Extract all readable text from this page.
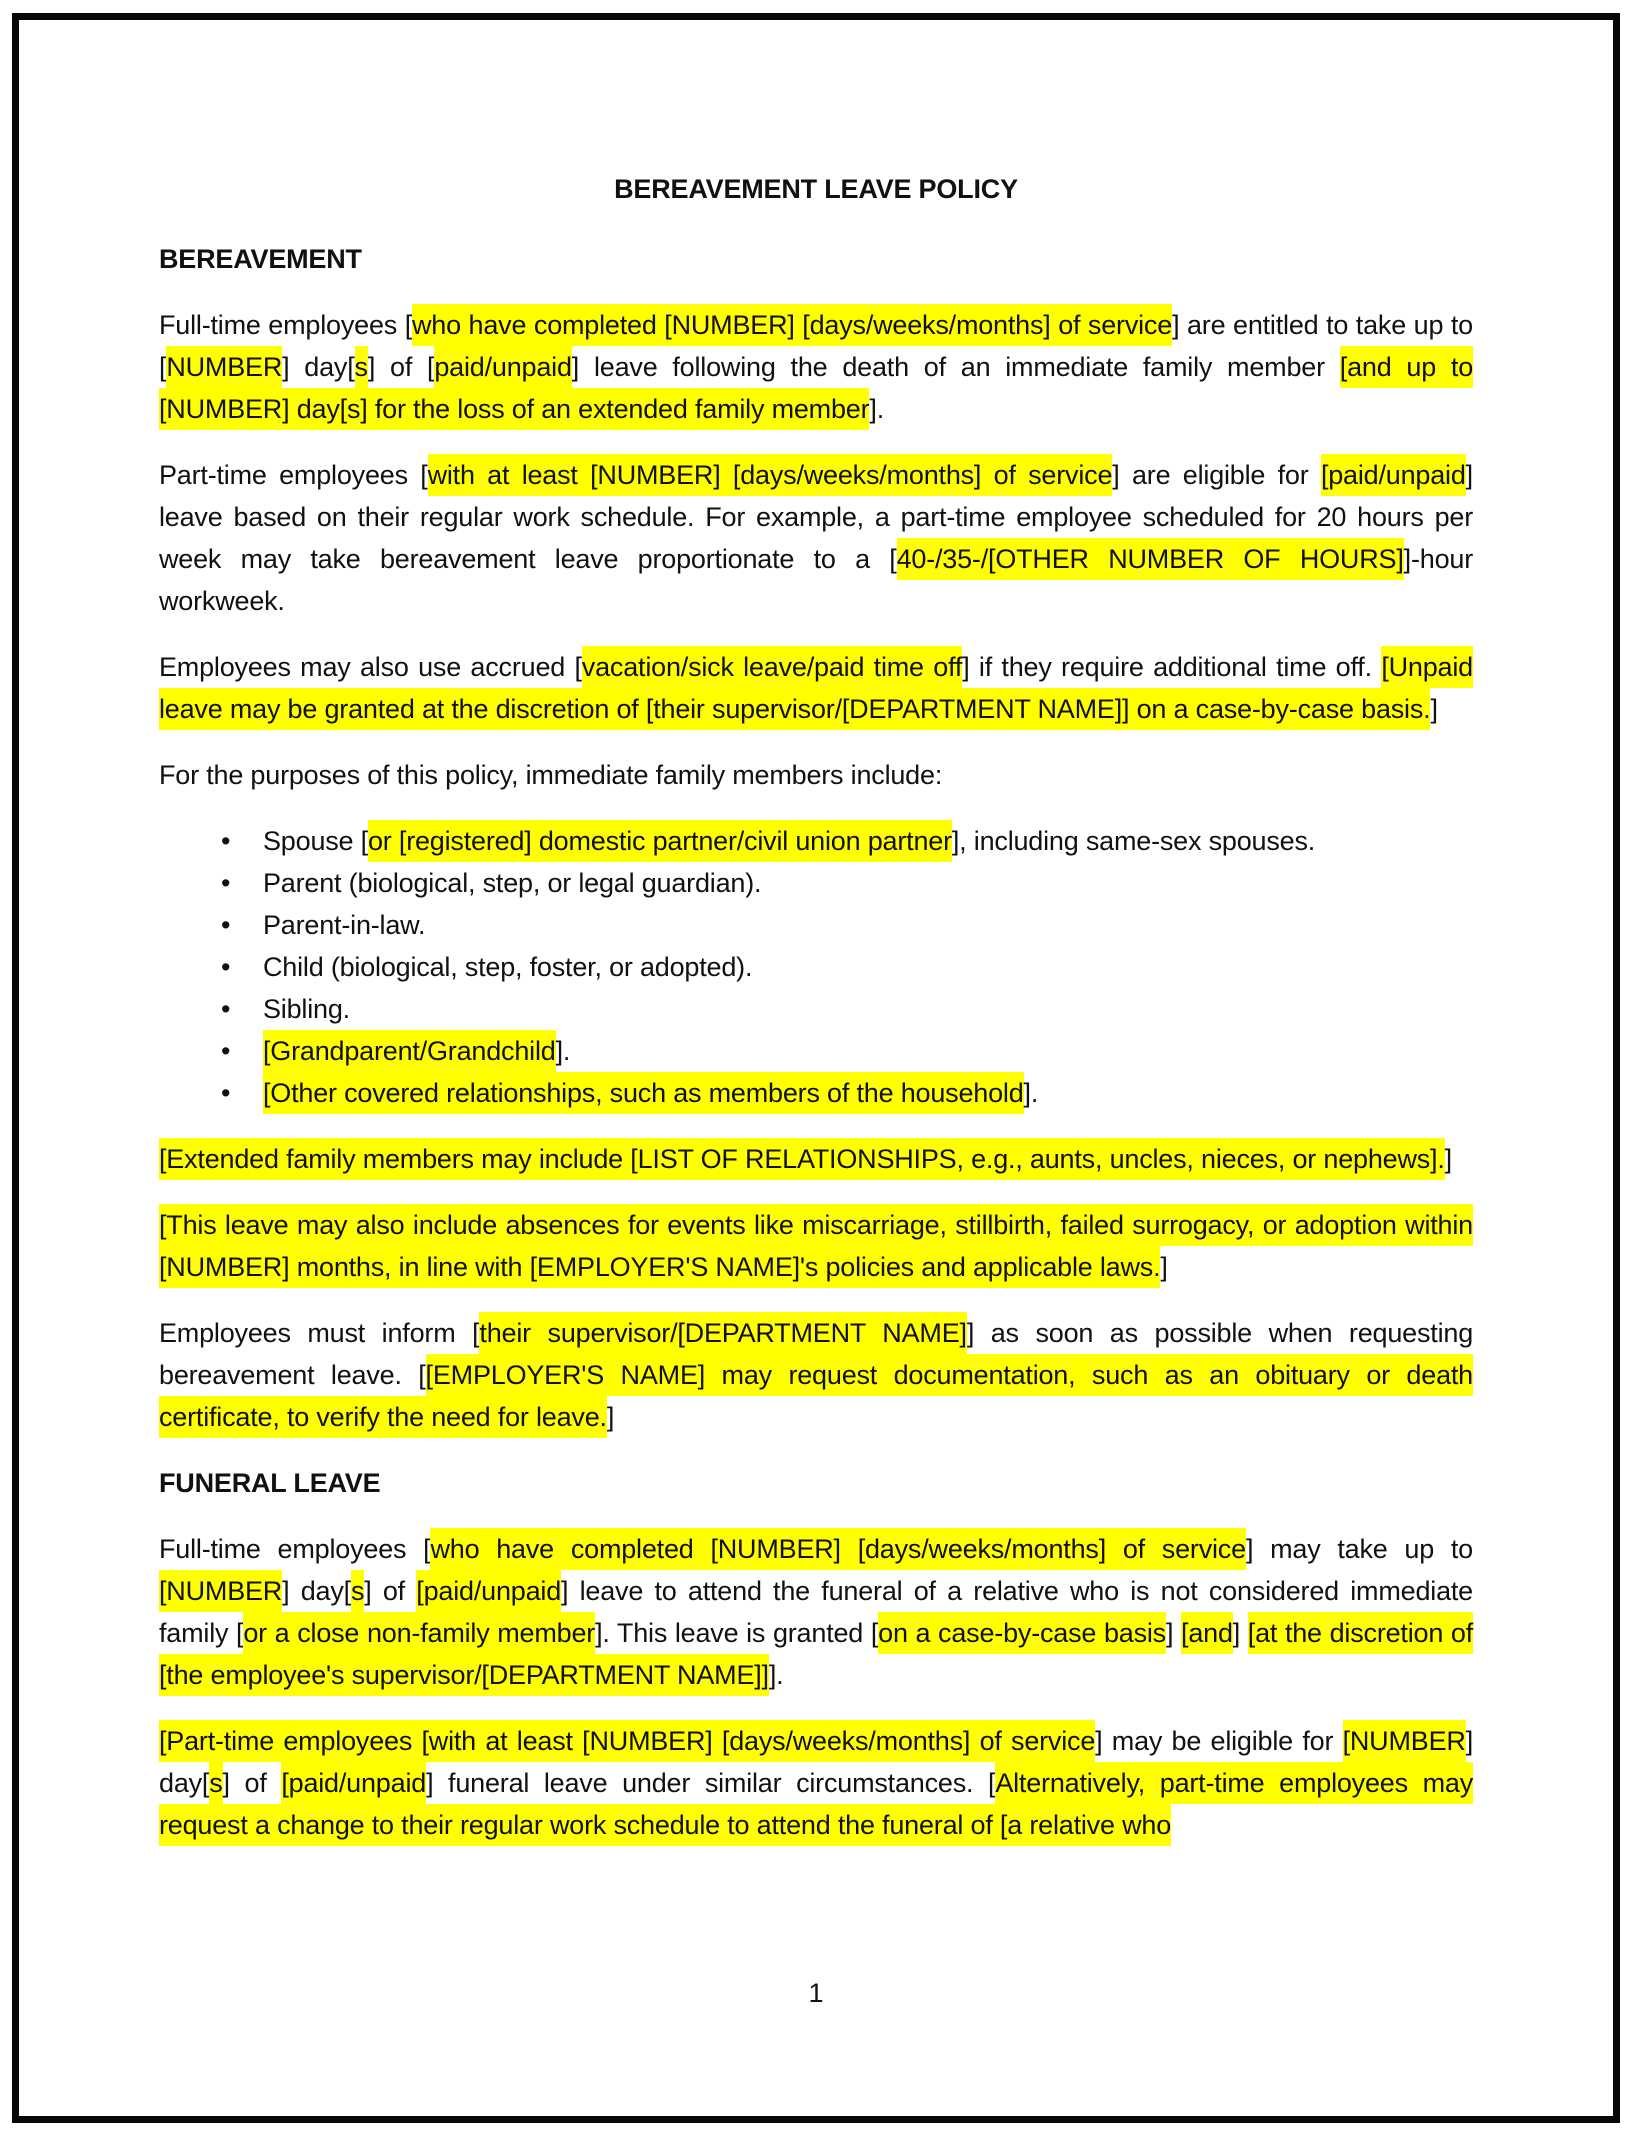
BEREAVEMENT LEAVE POLICY
BEREAVEMENT

Full-time employees [who have completed [NUMBER] [days/weeks/months] of service] are entitled to take up to [NUMBER] day[s] of [paid/unpaid] leave following the death of an immediate family member [and up to [NUMBER] day[s] for the loss of an extended family member].

Part-time employees [with at least [NUMBER] [days/weeks/months] of service] are eligible for [paid/unpaid] leave based on their regular work schedule. For example, a part-time employee scheduled for 20 hours per week may take bereavement leave proportionate to a [40-/35-/[OTHER NUMBER OF HOURS]]-hour workweek.

Employees may also use accrued [vacation/sick leave/paid time off] if they require additional time off. [Unpaid leave may be granted at the discretion of [their supervisor/[DEPARTMENT NAME]] on a case-by-case basis.]

For the purposes of this policy, immediate family members include:

• Spouse [or [registered] domestic partner/civil union partner], including same-sex spouses.
• Parent (biological, step, or legal guardian).
• Parent-in-law.
• Child (biological, step, foster, or adopted).
• Sibling.
• [Grandparent/Grandchild].
• [Other covered relationships, such as members of the household].

[Extended family members may include [LIST OF RELATIONSHIPS, e.g., aunts, uncles, nieces, or nephews].]

[This leave may also include absences for events like miscarriage, stillbirth, failed surrogacy, or adoption within [NUMBER] months, in line with [EMPLOYER'S NAME]'s policies and applicable laws.]

Employees must inform [their supervisor/[DEPARTMENT NAME]] as soon as possible when requesting bereavement leave. [[EMPLOYER'S NAME] may request documentation, such as an obituary or death certificate, to verify the need for leave.]

FUNERAL LEAVE

Full-time employees [who have completed [NUMBER] [days/weeks/months] of service] may take up to [NUMBER] day[s] of [paid/unpaid] leave to attend the funeral of a relative who is not considered immediate family [or a close non-family member]. This leave is granted [on a case-by-case basis] [and] [at the discretion of [the employee's supervisor/[DEPARTMENT NAME]]].

[Part-time employees [with at least [NUMBER] [days/weeks/months] of service] may be eligible for [NUMBER] day[s] of [paid/unpaid] funeral leave under similar circumstances. [Alternatively, part-time employees may request a change to their regular work schedule to attend the funeral of [a relative who

1
